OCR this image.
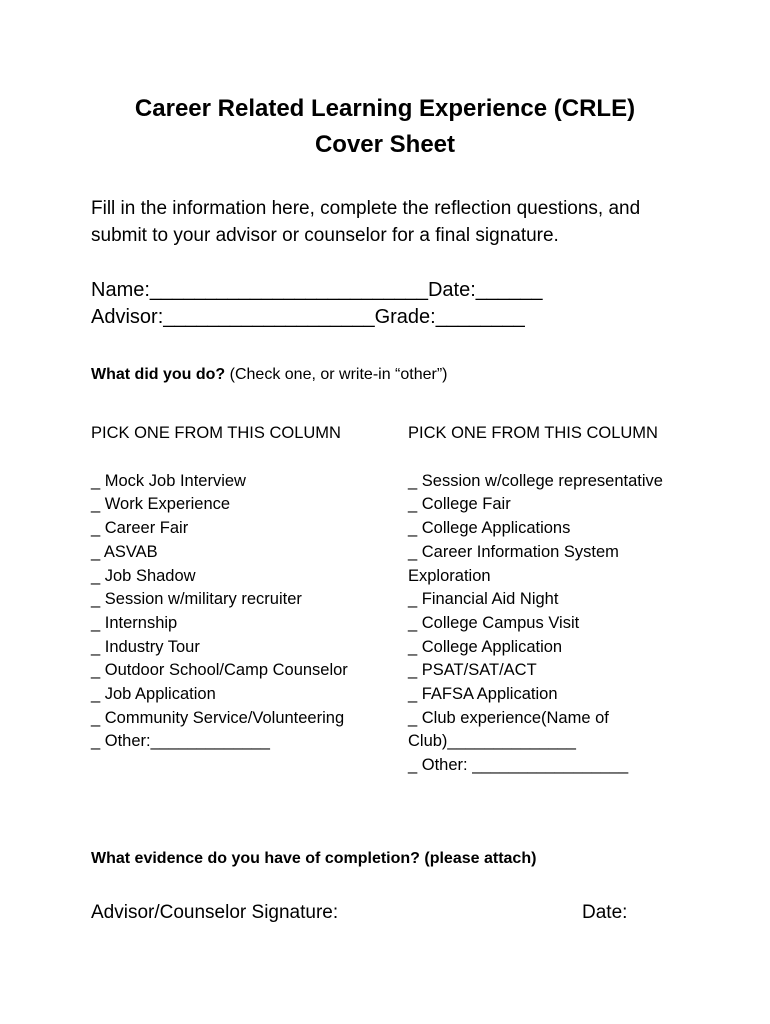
Career Related Learning Experience (CRLE)
Cover Sheet
Fill in the information here, complete the reflection questions, and submit to your advisor or counselor for a final signature.
Name:_________________________Date:______
Advisor:___________________Grade:________
What did you do? (Check one, or write-in “other”)
PICK ONE FROM THIS COLUMN
_ Mock Job Interview
_ Work Experience
_ Career Fair
_ ASVAB
_ Job Shadow
_ Session w/military recruiter
_ Internship
_ Industry Tour
_ Outdoor School/Camp Counselor
_ Job Application
_ Community Service/Volunteering
_ Other:_____________
PICK ONE FROM THIS COLUMN
_ Session w/college representative
_ College Fair
_ College Applications
_ Career Information System Exploration
_ Financial Aid Night
_ College Campus Visit
_ College Application
_ PSAT/SAT/ACT
_ FAFSA Application
_ Club experience(Name of Club)______________
_ Other: _________________
What evidence do you have of completion? (please attach)
Advisor/Counselor Signature:	Date:
